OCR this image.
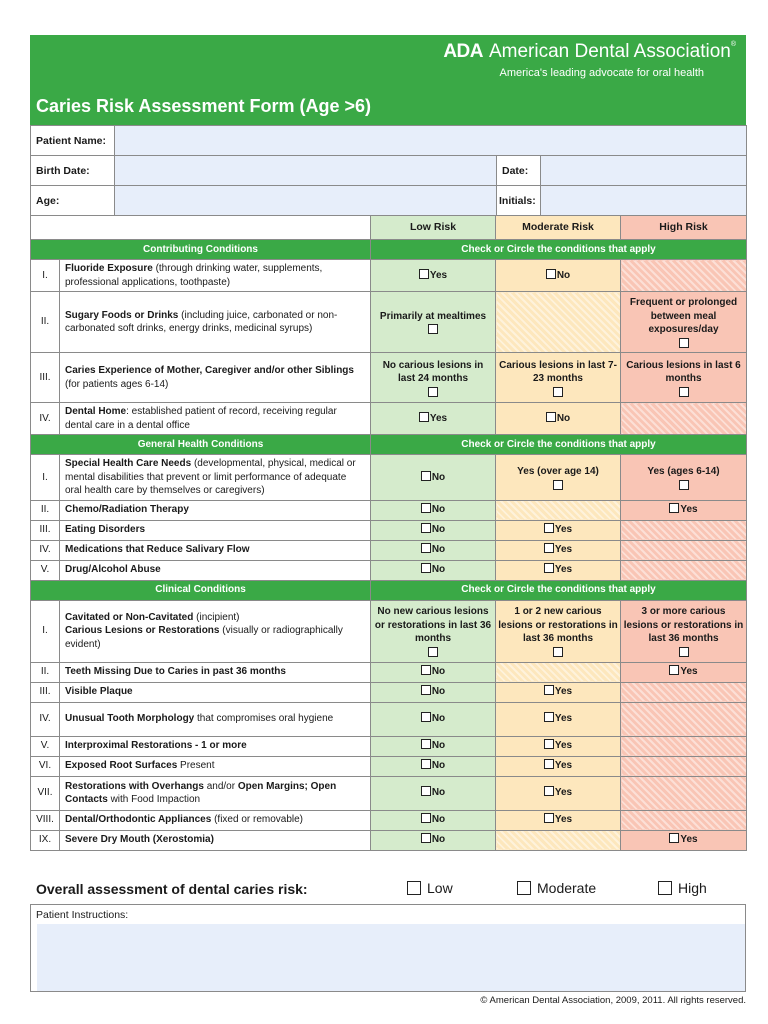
ADA American Dental Association®
America's leading advocate for oral health
Caries Risk Assessment Form (Age >6)
Patient Name:			
Birth Date:		Date:	
Age:		Initials:	
		Low Risk	Moderate Risk	High Risk
Contributing Conditions		Check or Circle the conditions that apply		
I.	Fluoride Exposure (through drinking water, supplements, professional applications, toothpaste)	Yes	No	
II.	Sugary Foods or Drinks (including juice, carbonated or non-carbonated soft drinks, energy drinks, medicinal syrups)	Primarily at mealtimes		Frequent or prolonged between meal exposures/day

III.	Caries Experience of Mother, Caregiver and/or other Siblings (for patients ages 6-14)	No carious lesions in last 24 months	Carious lesions in last 7-23 months	Carious lesions in last 6 months

IV.	Dental Home: established patient of record, receiving regular dental care in a dental office	Yes	No	
General Health Conditions		Check or Circle the conditions that apply		
I.	Special Health Care Needs (developmental, physical, medical or mental disabilities that prevent or limit performance of adequate oral health care by themselves or caregivers)	No	Yes (over age 14)	Yes (ages 6-14)

II.	Chemo/Radiation Therapy	No		Yes
III.	Eating Disorders	No	Yes	
IV.	Medications that Reduce Salivary Flow	No	Yes	
V.	Drug/Alcohol Abuse	No	Yes	
Clinical Conditions		Check or Circle the conditions that apply		
I.	Cavitated or Non-Cavitated (incipient)
Carious Lesions or Restorations (visually or radiographically evident)	No new carious lesions or restorations in last 36 months	1 or 2 new carious lesions or restorations in last 36 months	3 or more carious lesions or restorations in last 36 months

II.	Teeth Missing Due to Caries in past 36 months	No		Yes
III.	Visible Plaque	No	Yes	
IV.	Unusual Tooth Morphology that compromises oral hygiene	No	Yes	
V.	Interproximal Restorations - 1 or more	No	Yes	
VI.	Exposed Root Surfaces Present	No	Yes	
VII.	Restorations with Overhangs and/or Open Margins; Open Contacts with Food Impaction	No	Yes	
VIII.	Dental/Orthodontic Appliances (fixed or removable)	No	Yes	
IX.	Severe Dry Mouth (Xerostomia)	No		Yes
Overall assessment of dental caries risk:	Low	Moderate	High
Patient Instructions:
© American Dental Association, 2009, 2011. All rights reserved.
